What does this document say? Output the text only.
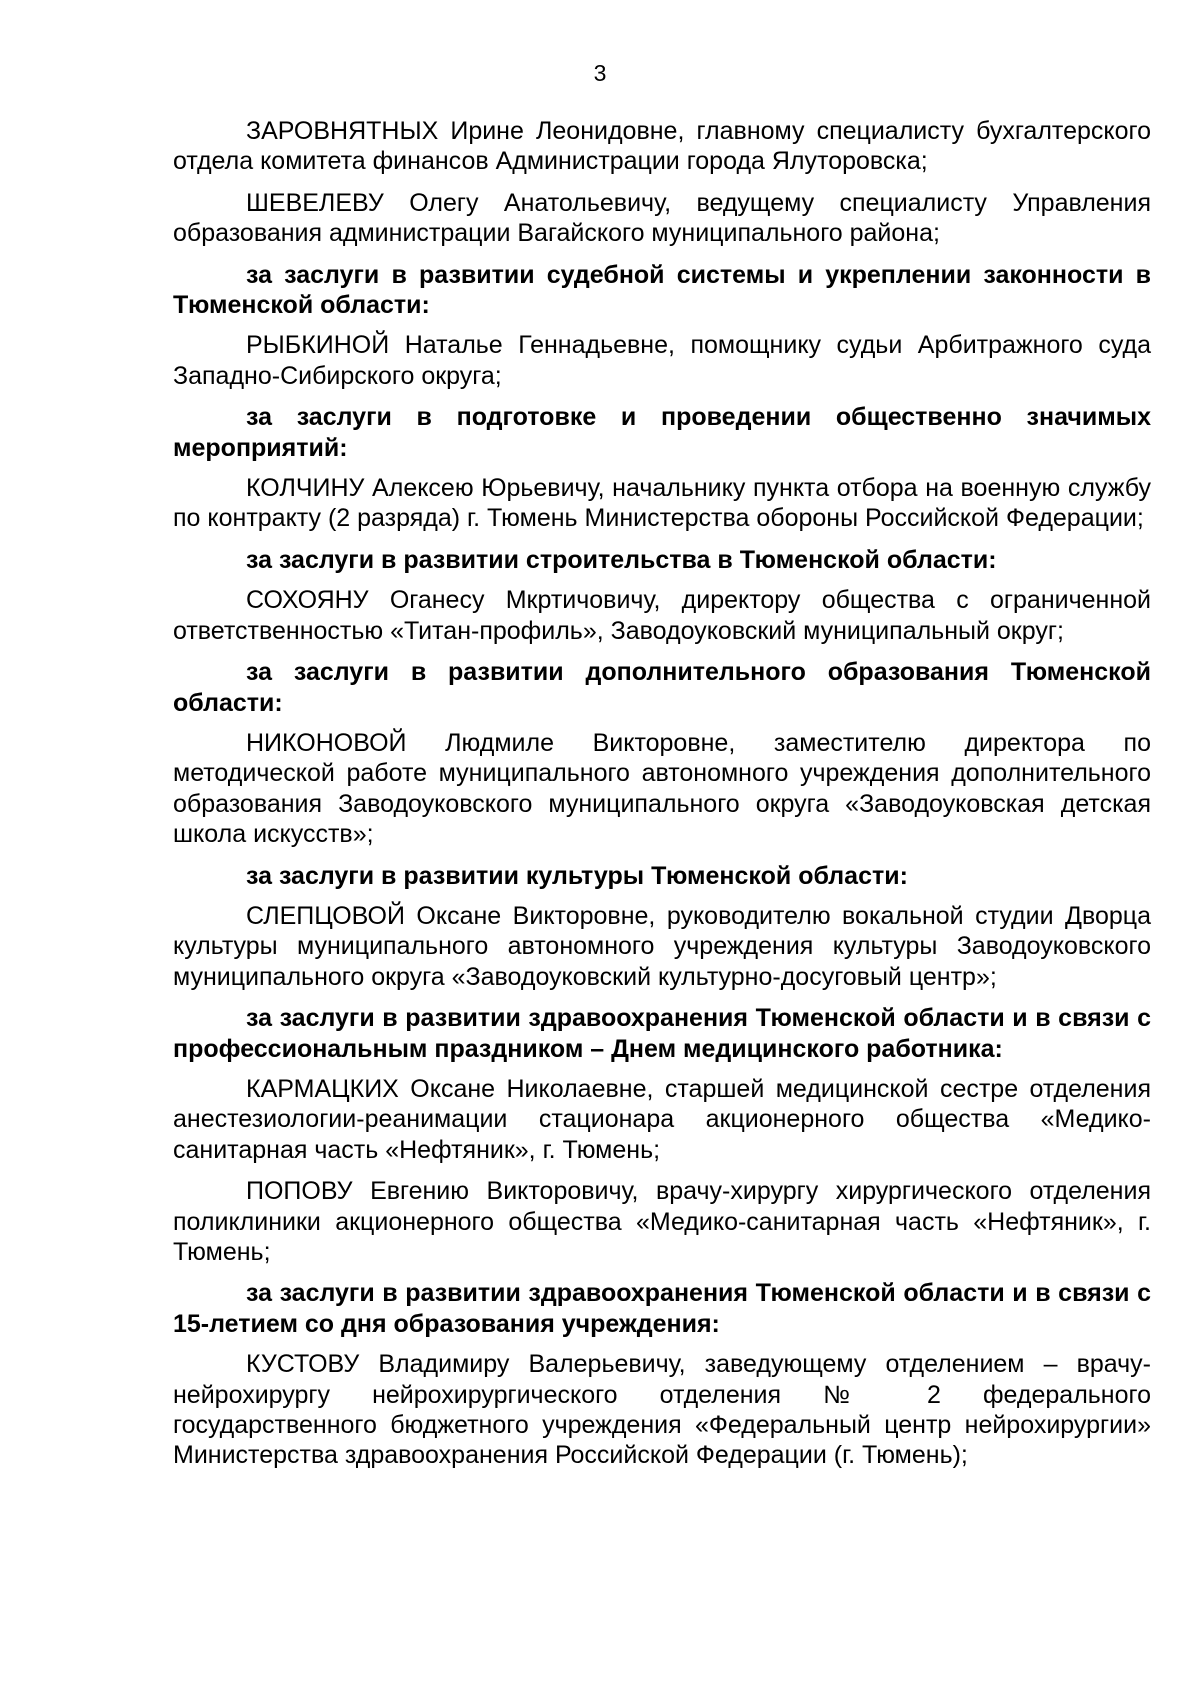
3

ЗАРОВНЯТНЫХ Ирине Леонидовне, главному специалисту бухгалтерского отдела комитета финансов Администрации города Ялуторовска;

ШЕВЕЛЕВУ Олегу Анатольевичу, ведущему специалисту Управления образования администрации Вагайского муниципального района;

за заслуги в развитии судебной системы и укреплении законности в Тюменской области:

РЫБКИНОЙ Наталье Геннадьевне, помощнику судьи Арбитражного суда Западно-Сибирского округа;

за заслуги в подготовке и проведении общественно значимых мероприятий:

КОЛЧИНУ Алексею Юрьевичу, начальнику пункта отбора на военную службу по контракту (2 разряда) г. Тюмень Министерства обороны Российской Федерации;

за заслуги в развитии строительства в Тюменской области:

СОХОЯНУ Оганесу Мкртичовичу, директору общества с ограниченной ответственностью «Титан-профиль», Заводоуковский муниципальный округ;

за заслуги в развитии дополнительного образования Тюменской области:

НИКОНОВОЙ Людмиле Викторовне, заместителю директора по методической работе муниципального автономного учреждения дополнительного образования Заводоуковского муниципального округа «Заводоуковская детская школа искусств»;

за заслуги в развитии культуры Тюменской области:

СЛЕПЦОВОЙ Оксане Викторовне, руководителю вокальной студии Дворца культуры муниципального автономного учреждения культуры Заводоуковского муниципального округа «Заводоуковский культурно-досуговый центр»;

за заслуги в развитии здравоохранения Тюменской области и в связи с профессиональным праздником – Днем медицинского работника:

КАРМАЦКИХ Оксане Николаевне, старшей медицинской сестре отделения анестезиологии-реанимации стационара акционерного общества «Медико-санитарная часть «Нефтяник», г. Тюмень;

ПОПОВУ Евгению Викторовичу, врачу-хирургу хирургического отделения поликлиники акционерного общества «Медико-санитарная часть «Нефтяник», г. Тюмень;

за заслуги в развитии здравоохранения Тюменской области и в связи с 15-летием со дня образования учреждения:

КУСТОВУ Владимиру Валерьевичу, заведующему отделением – врачу-нейрохирургу нейрохирургического отделения № 2 федерального государственного бюджетного учреждения «Федеральный центр нейрохирургии» Министерства здравоохранения Российской Федерации (г. Тюмень);
